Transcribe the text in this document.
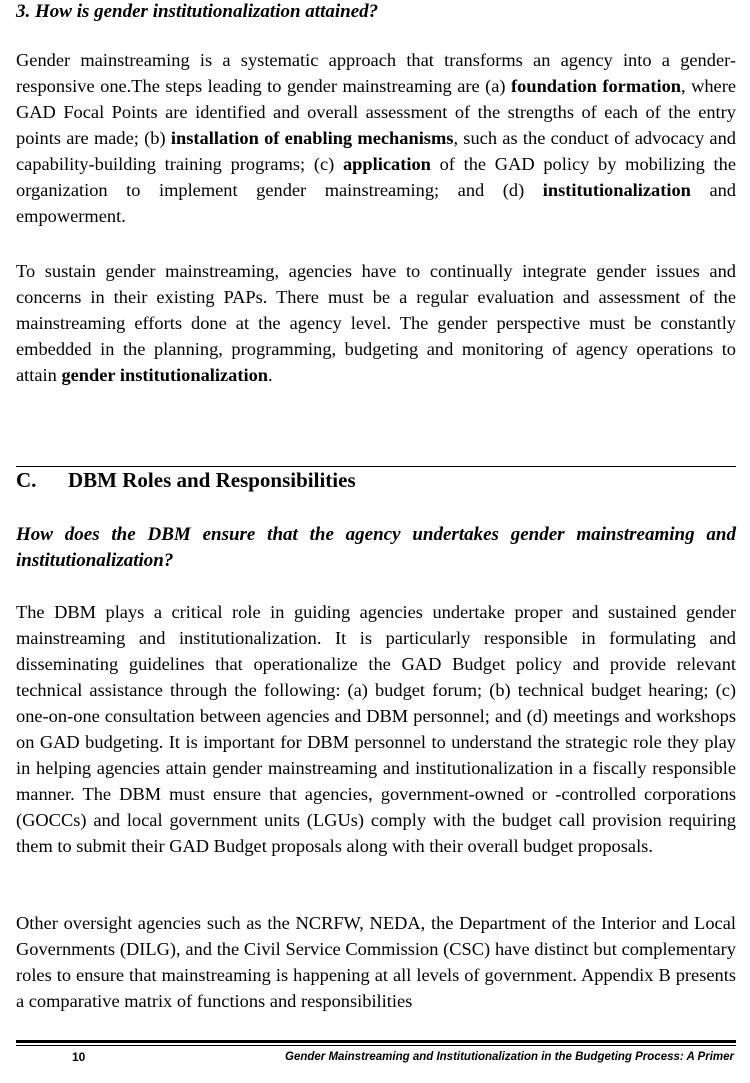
3. How is gender institutionalization attained?

Gender mainstreaming is a systematic approach that transforms an agency into a gender-responsive one.The steps leading to gender mainstreaming are (a) foundation formation, where GAD Focal Points are identified and overall assessment of the strengths of each of the entry points are made; (b) installation of enabling mechanisms, such as the conduct of advocacy and capability-building training programs; (c) application of the GAD policy by mobilizing the organization to implement gender mainstreaming; and (d) institutionalization and empowerment.

To sustain gender mainstreaming, agencies have to continually integrate gender issues and concerns in their existing PAPs. There must be a regular evaluation and assessment of the mainstreaming efforts done at the agency level. The gender perspective must be constantly embedded in the planning, programming, budgeting and monitoring of agency operations to attain gender institutionalization.

C. DBM Roles and Responsibilities

How does the DBM ensure that the agency undertakes gender mainstreaming and institutionalization?

The DBM plays a critical role in guiding agencies undertake proper and sustained gender mainstreaming and institutionalization. It is particularly responsible in formulating and disseminating guidelines that operationalize the GAD Budget policy and provide relevant technical assistance through the following: (a) budget forum; (b) technical budget hearing; (c) one-on-one consultation between agencies and DBM personnel; and (d) meetings and workshops on GAD budgeting. It is important for DBM personnel to understand the strategic role they play in helping agencies attain gender mainstreaming and institutionalization in a fiscally responsible manner. The DBM must ensure that agencies, government-owned or -controlled corporations (GOCCs) and local government units (LGUs) comply with the budget call provision requiring them to submit their GAD Budget proposals along with their overall budget proposals.

Other oversight agencies such as the NCRFW, NEDA, the Department of the Interior and Local Governments (DILG), and the Civil Service Commission (CSC) have distinct but complementary roles to ensure that mainstreaming is happening at all levels of government. Appendix B presents a comparative matrix of functions and responsibilities

10	Gender Mainstreaming and Institutionalization in the Budgeting Process: A Primer
